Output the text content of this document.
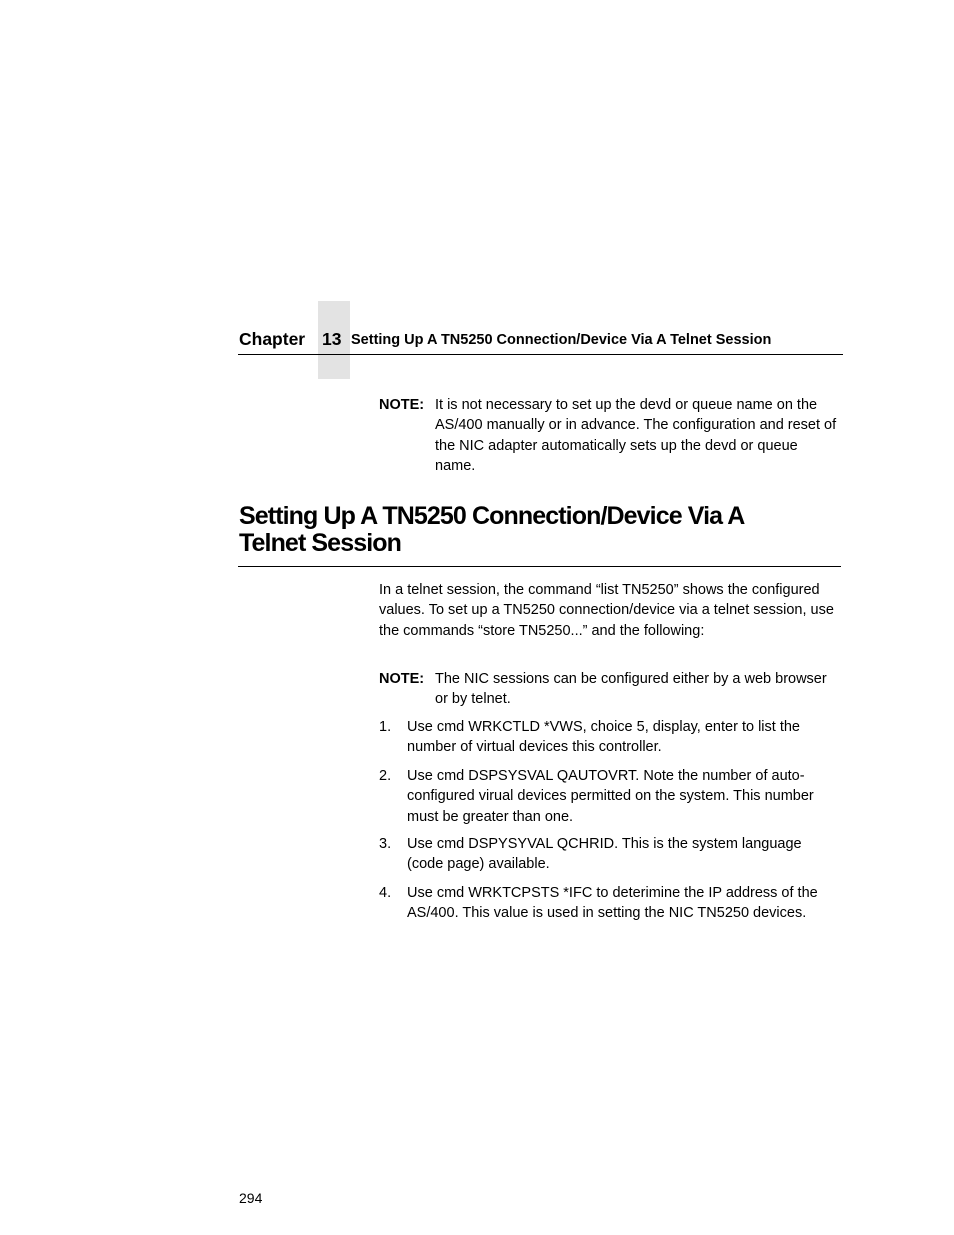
Chapter 13 Setting Up A TN5250 Connection/Device Via A Telnet Session
NOTE: It is not necessary to set up the devd or queue name on the AS/400 manually or in advance. The configuration and reset of the NIC adapter automatically sets up the devd or queue name.
Setting Up A TN5250 Connection/Device Via A
Telnet Session
In a telnet session, the command “list TN5250” shows the configured values. To set up a TN5250 connection/device via a telnet session, use the commands “store TN5250...” and the following:
NOTE: The NIC sessions can be configured either by a web browser or by telnet.
1. Use cmd WRKCTLD *VWS, choice 5, display, enter to list the number of virtual devices this controller.
2. Use cmd DSPSYSVAL QAUTOVRT. Note the number of auto-configured virual devices permitted on the system. This number must be greater than one.
3. Use cmd DSPYSYVAL QCHRID. This is the system language (code page) available.
4. Use cmd WRKTCPSTS *IFC to deterimine the IP address of the AS/400. This value is used in setting the NIC TN5250 devices.
294
